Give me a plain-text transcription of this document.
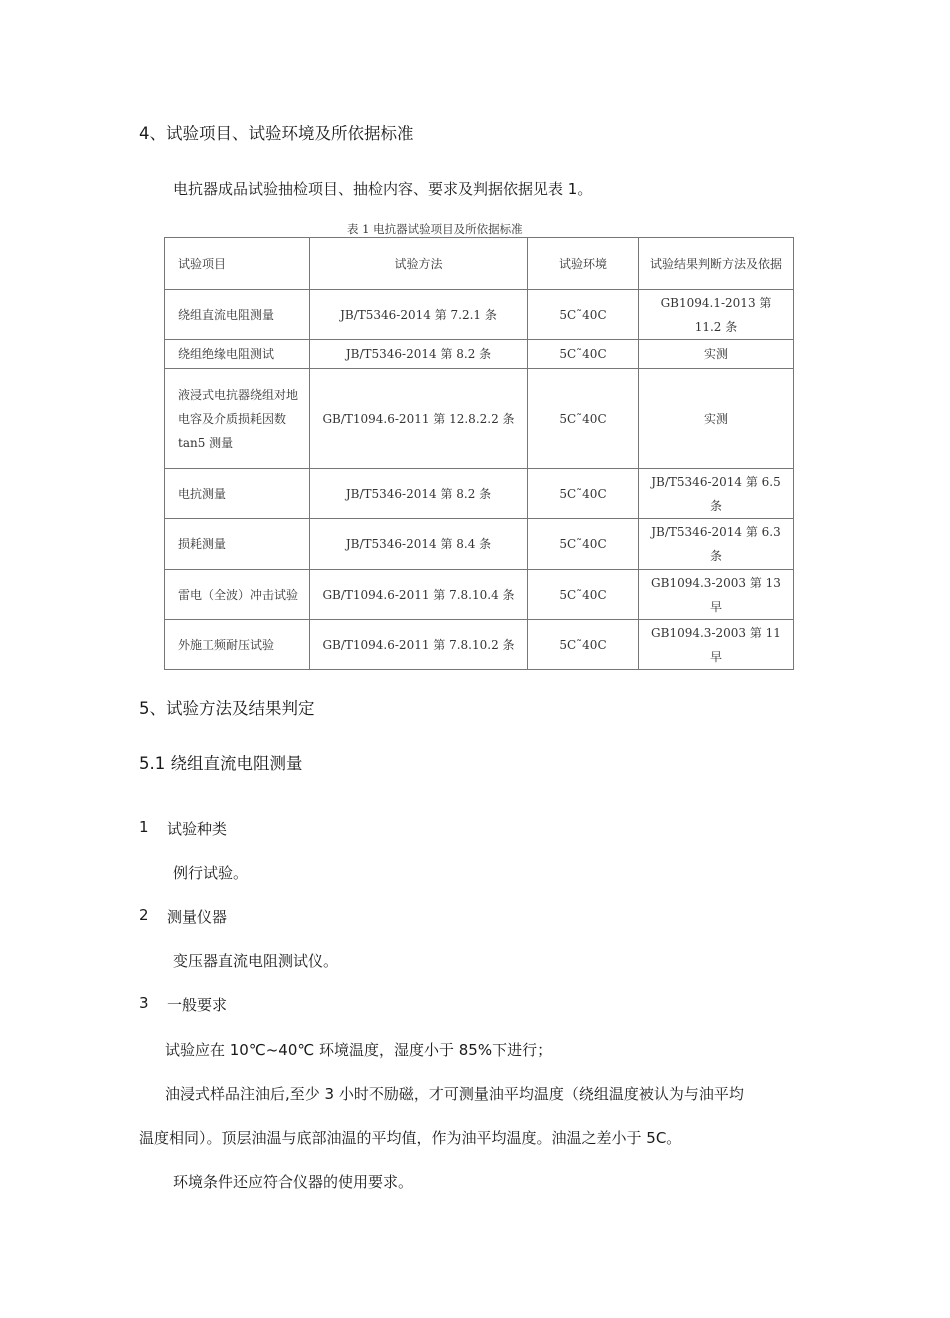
4、试验项目、试验环境及所依据标准
电抗器成品试验抽检项目、抽检内容、要求及判据依据见表 1。
表 1 电抗器试验项目及所依据标准
试验项目	试验方法	试验环境	试验结果判断方法及依据
绕组直流电阻测量	JB/T5346-2014 第 7.2.1 条	5C˜40C	GB1094.1-2013 第 11.2 条
绕组绝缘电阻测试	JB/T5346-2014 第 8.2 条	5C˜40C	实测
液浸式电抗器绕组对地电容及介质损耗因数 tan5 测量	GB/T1094.6-2011 第 12.8.2.2 条	5C˜40C	实测
电抗测量	JB/T5346-2014 第 8.2 条	5C˜40C	JB/T5346-2014 第 6.5 条
损耗测量	JB/T5346-2014 第 8.4 条	5C˜40C	JB/T5346-2014 第 6.3 条
雷电（全波）冲击试验	GB/T1094.6-2011 第 7.8.10.4 条	5C˜40C	GB1094.3-2003 第 13 早
外施工频耐压试验	GB/T1094.6-2011 第 7.8.10.2 条	5C˜40C	GB1094.3-2003 第 11 早
5、试验方法及结果判定
5.1 绕组直流电阻测量
1 试验种类
例行试验。
2 测量仪器
变压器直流电阻测试仪。
3 一般要求
试验应在 10℃~40℃ 环境温度，湿度小于 85%下进行；
油浸式样品注油后,至少 3 小时不励磁，才可测量油平均温度（绕组温度被认为与油平均
温度相同）。顶层油温与底部油温的平均值，作为油平均温度。油温之差小于 5C。
环境条件还应符合仪器的使用要求。
